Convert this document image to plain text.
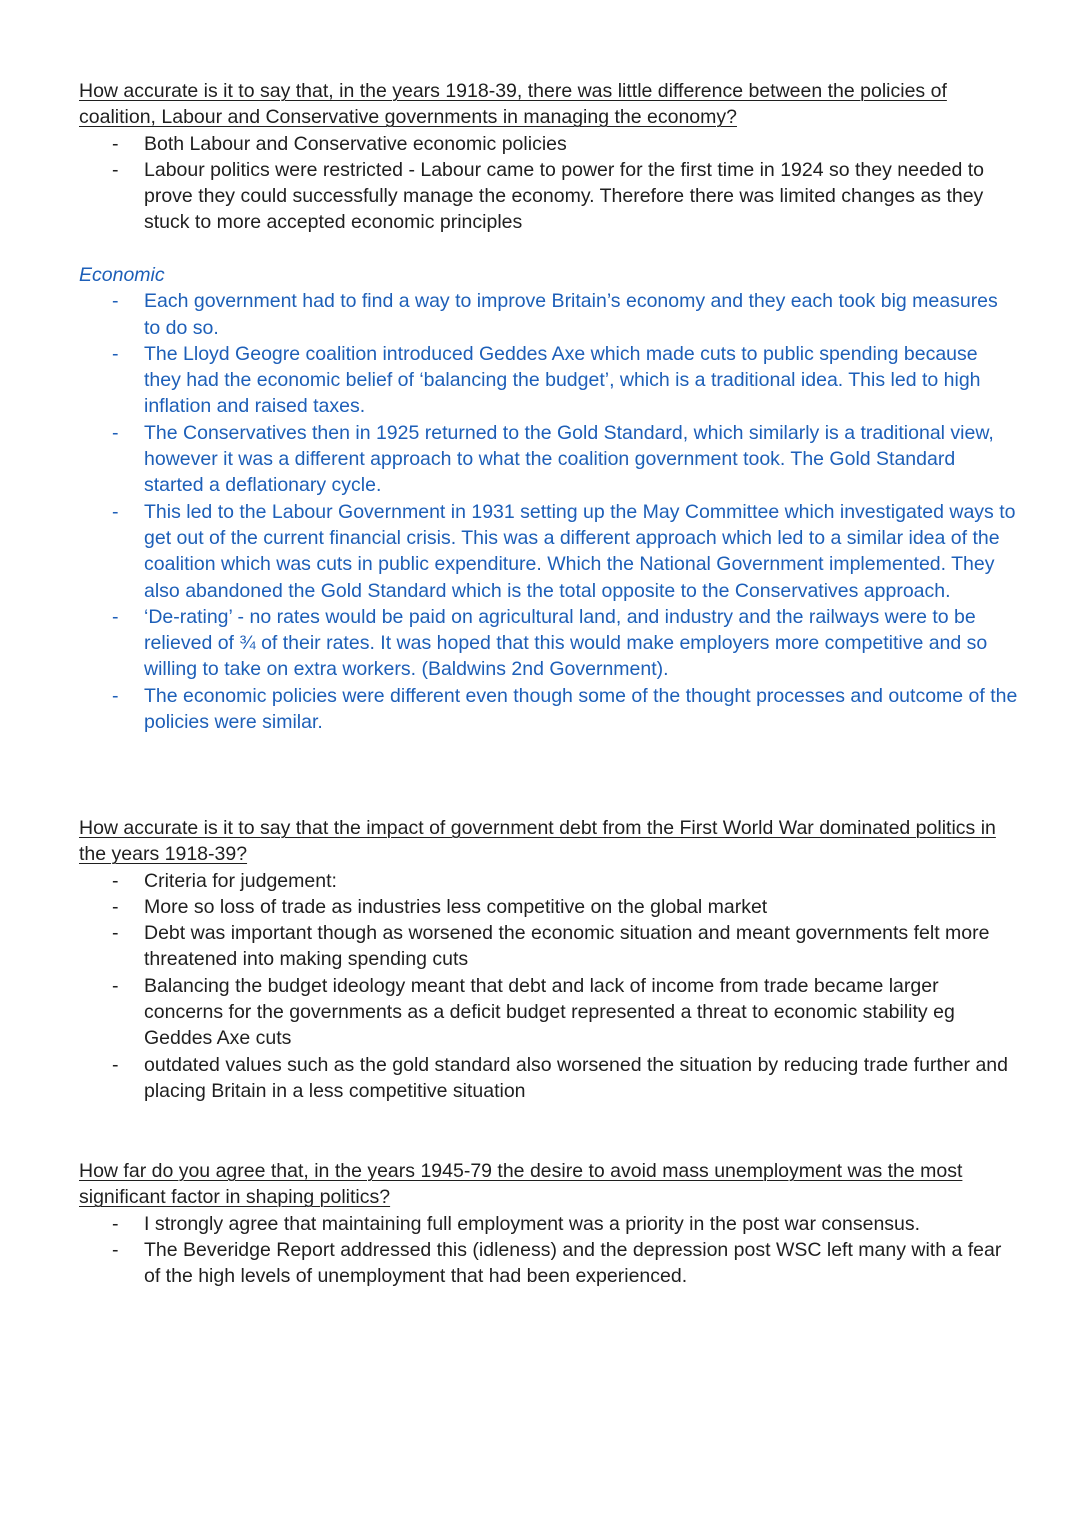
How accurate is it to say that, in the years 1918-39, there was little difference between the policies of coalition, Labour and Conservative governments in managing the economy?

- Both Labour and Conservative economic policies
- Labour politics were restricted - Labour came to power for the first time in 1924 so they needed to prove they could successfully manage the economy. Therefore there was limited changes as they stuck to more accepted economic principles

Economic

- Each government had to find a way to improve Britain’s economy and they each took big measures to do so.
- The Lloyd Geogre coalition introduced Geddes Axe which made cuts to public spending because they had the economic belief of ‘balancing the budget’, which is a traditional idea. This led to high inflation and raised taxes.
- The Conservatives then in 1925 returned to the Gold Standard, which similarly is a traditional view, however it was a different approach to what the coalition government took. The Gold Standard started a deflationary cycle.
- This led to the Labour Government in 1931 setting up the May Committee which investigated ways to get out of the current financial crisis. This was a different approach which led to a similar idea of the coalition which was cuts in public expenditure. Which the National Government implemented. They also abandoned the Gold Standard which is the total opposite to the Conservatives approach.
- ‘De-rating’ - no rates would be paid on agricultural land, and industry and the railways were to be relieved of ¾ of their rates. It was hoped that this would make employers more competitive and so willing to take on extra workers. (Baldwins 2nd Government).
- The economic policies were different even though some of the thought processes and outcome of the policies were similar.

How accurate is it to say that the impact of government debt from the First World War dominated politics in the years 1918-39?

- Criteria for judgement:
- More so loss of trade as industries less competitive on the global market
- Debt was important though as worsened the economic situation and meant governments felt more threatened into making spending cuts
- Balancing the budget ideology meant that debt and lack of income from trade became larger concerns for the governments as a deficit budget represented a threat to economic stability eg Geddes Axe cuts
- outdated values such as the gold standard also worsened the situation by reducing trade further and placing Britain in a less competitive situation

How far do you agree that, in the years 1945-79 the desire to avoid mass unemployment was the most significant factor in shaping politics?

- I strongly agree that maintaining full employment was a priority in the post war consensus.
- The Beveridge Report addressed this (idleness) and the depression post WSC left many with a fear of the high levels of unemployment that had been experienced.
